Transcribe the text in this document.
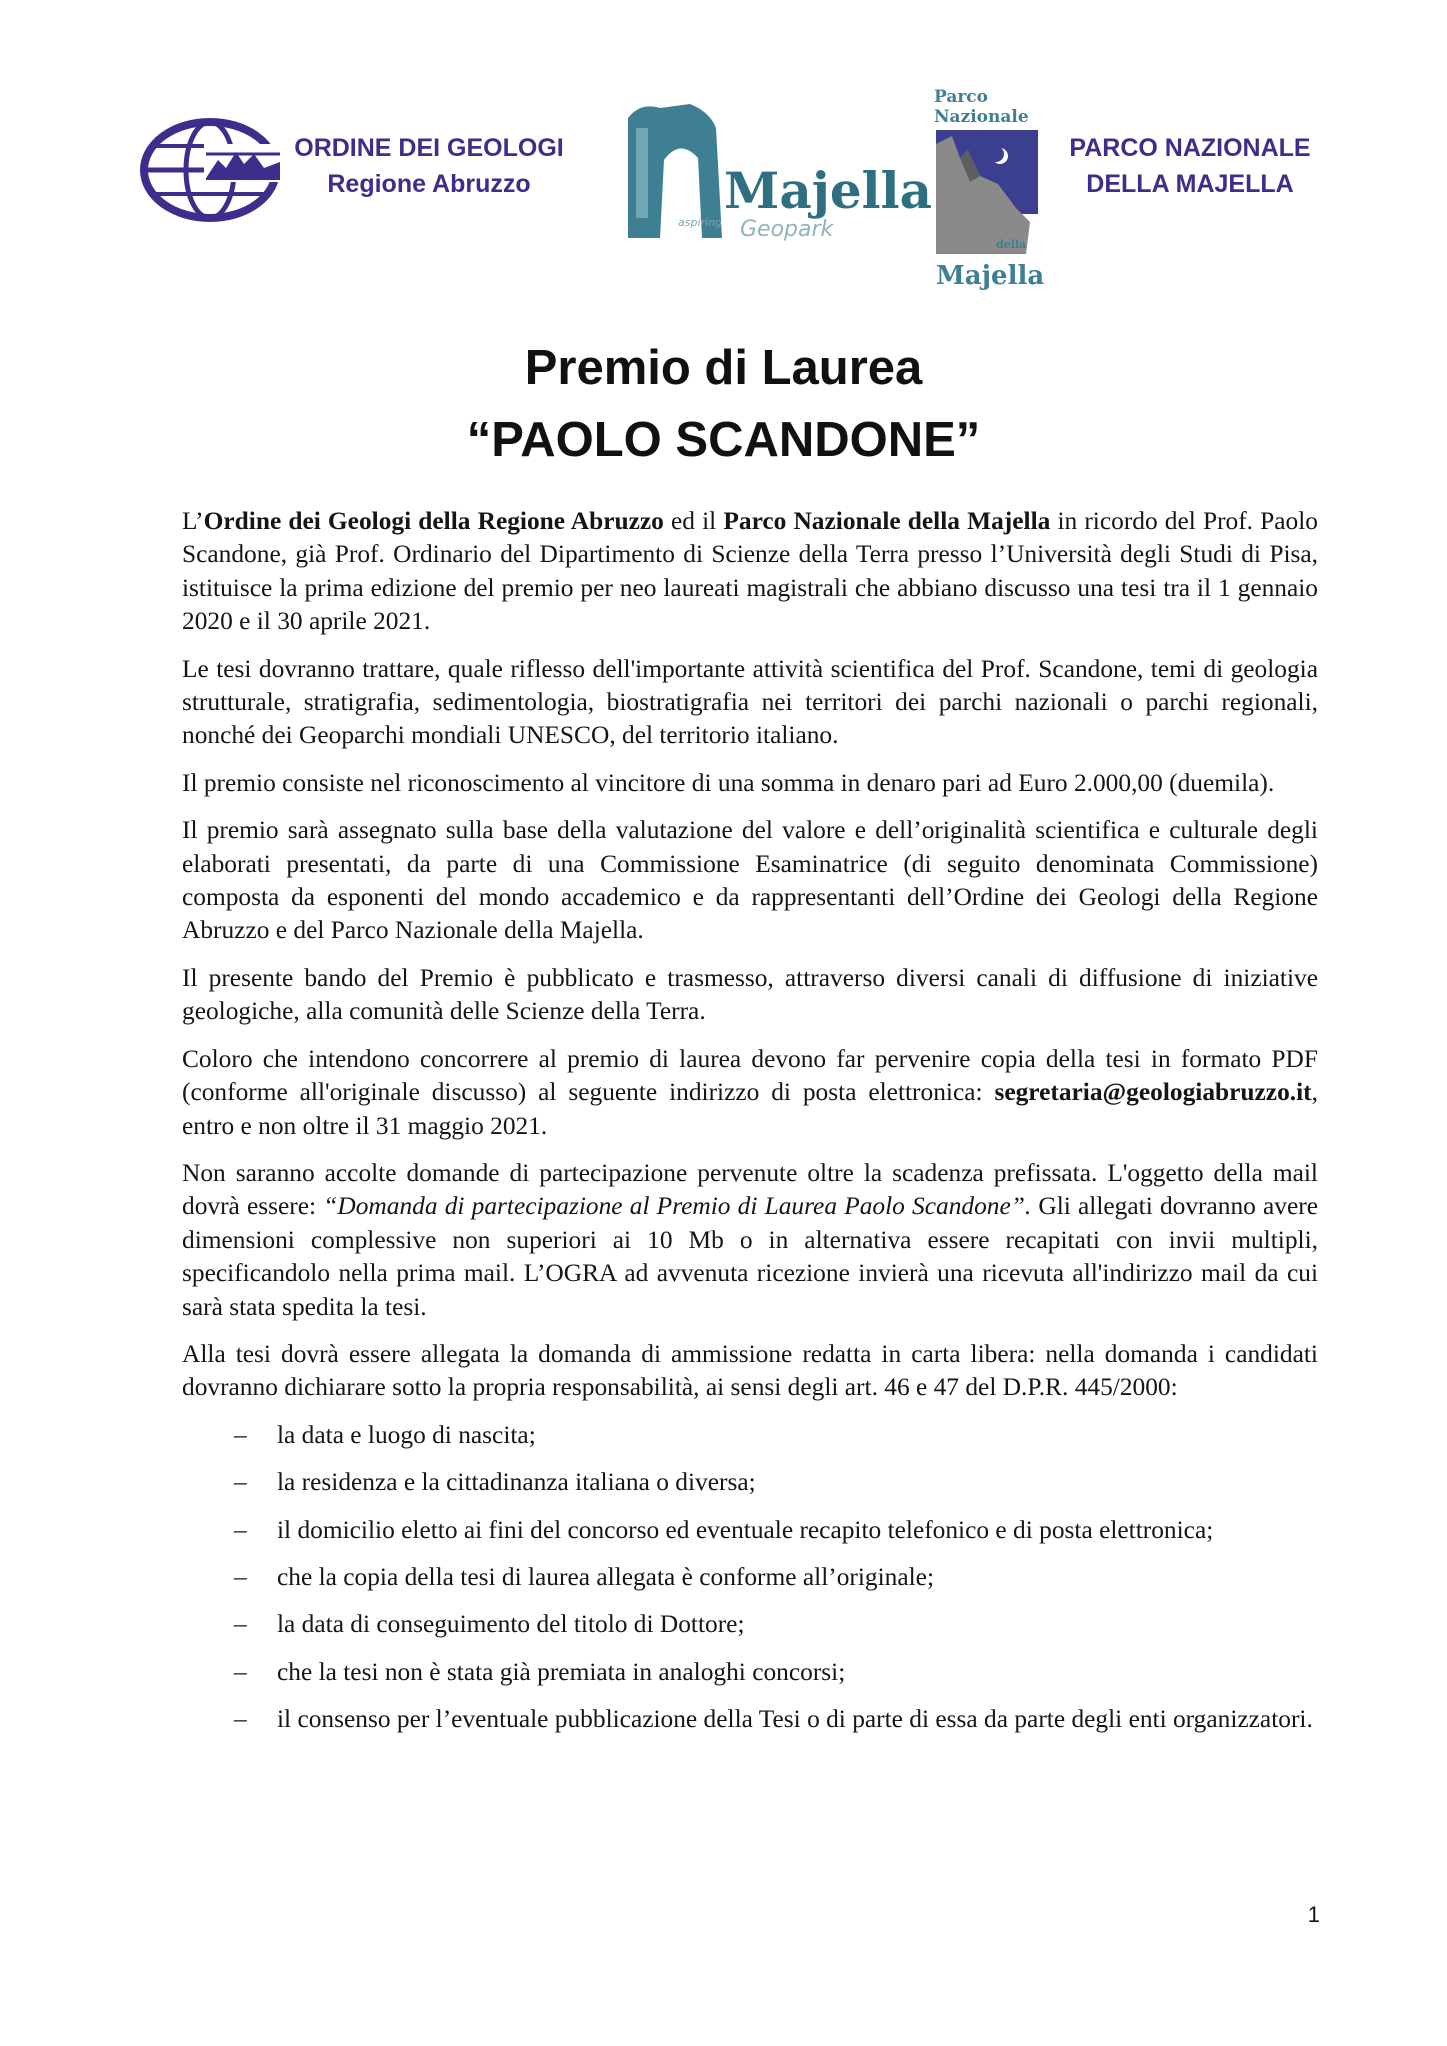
ORDINE DEI GEOLOGI
Regione Abruzzo	Majella
aspiring Geopark
Parco
Nazionale
della
Majella
PARCO NAZIONALE
DELLA MAJELLA
Premio di Laurea
“PAOLO SCANDONE”

L’Ordine dei Geologi della Regione Abruzzo ed il Parco Nazionale della Majella in ricordo del Prof. Paolo Scandone, già Prof. Ordinario del Dipartimento di Scienze della Terra presso l’Università degli Studi di Pisa, istituisce la prima edizione del premio per neo laureati magistrali che abbiano discusso una tesi tra il 1 gennaio 2020 e il 30 aprile 2021.

Le tesi dovranno trattare, quale riflesso dell'importante attività scientifica del Prof. Scandone, temi di geologia strutturale, stratigrafia, sedimentologia, biostratigrafia nei territori dei parchi nazionali o parchi regionali, nonché dei Geoparchi mondiali UNESCO, del territorio italiano.

Il premio consiste nel riconoscimento al vincitore di una somma in denaro pari ad Euro 2.000,00 (duemila).

Il premio sarà assegnato sulla base della valutazione del valore e dell’originalità scientifica e culturale degli elaborati presentati, da parte di una Commissione Esaminatrice (di seguito denominata Commissione) composta da esponenti del mondo accademico e da rappresentanti dell’Ordine dei Geologi della Regione Abruzzo e del Parco Nazionale della Majella.

Il presente bando del Premio è pubblicato e trasmesso, attraverso diversi canali di diffusione di iniziative geologiche, alla comunità delle Scienze della Terra.

Coloro che intendono concorrere al premio di laurea devono far pervenire copia della tesi in formato PDF (conforme all'originale discusso) al seguente indirizzo di posta elettronica: segretaria@geologiabruzzo.it, entro e non oltre il 31 maggio 2021.

Non saranno accolte domande di partecipazione pervenute oltre la scadenza prefissata. L'oggetto della mail dovrà essere: “Domanda di partecipazione al Premio di Laurea Paolo Scandone”. Gli allegati dovranno avere dimensioni complessive non superiori ai 10 Mb o in alternativa essere recapitati con invii multipli, specificandolo nella prima mail. L’OGRA ad avvenuta ricezione invierà una ricevuta all'indirizzo mail da cui sarà stata spedita la tesi.

Alla tesi dovrà essere allegata la domanda di ammissione redatta in carta libera: nella domanda i candidati dovranno dichiarare sotto la propria responsabilità, ai sensi degli art. 46 e 47 del D.P.R. 445/2000:

– la data e luogo di nascita;
– la residenza e la cittadinanza italiana o diversa;
– il domicilio eletto ai fini del concorso ed eventuale recapito telefonico e di posta elettronica;
– che la copia della tesi di laurea allegata è conforme all’originale;
– la data di conseguimento del titolo di Dottore;
– che la tesi non è stata già premiata in analoghi concorsi;
– il consenso per l’eventuale pubblicazione della Tesi o di parte di essa da parte degli enti organizzatori.
1
